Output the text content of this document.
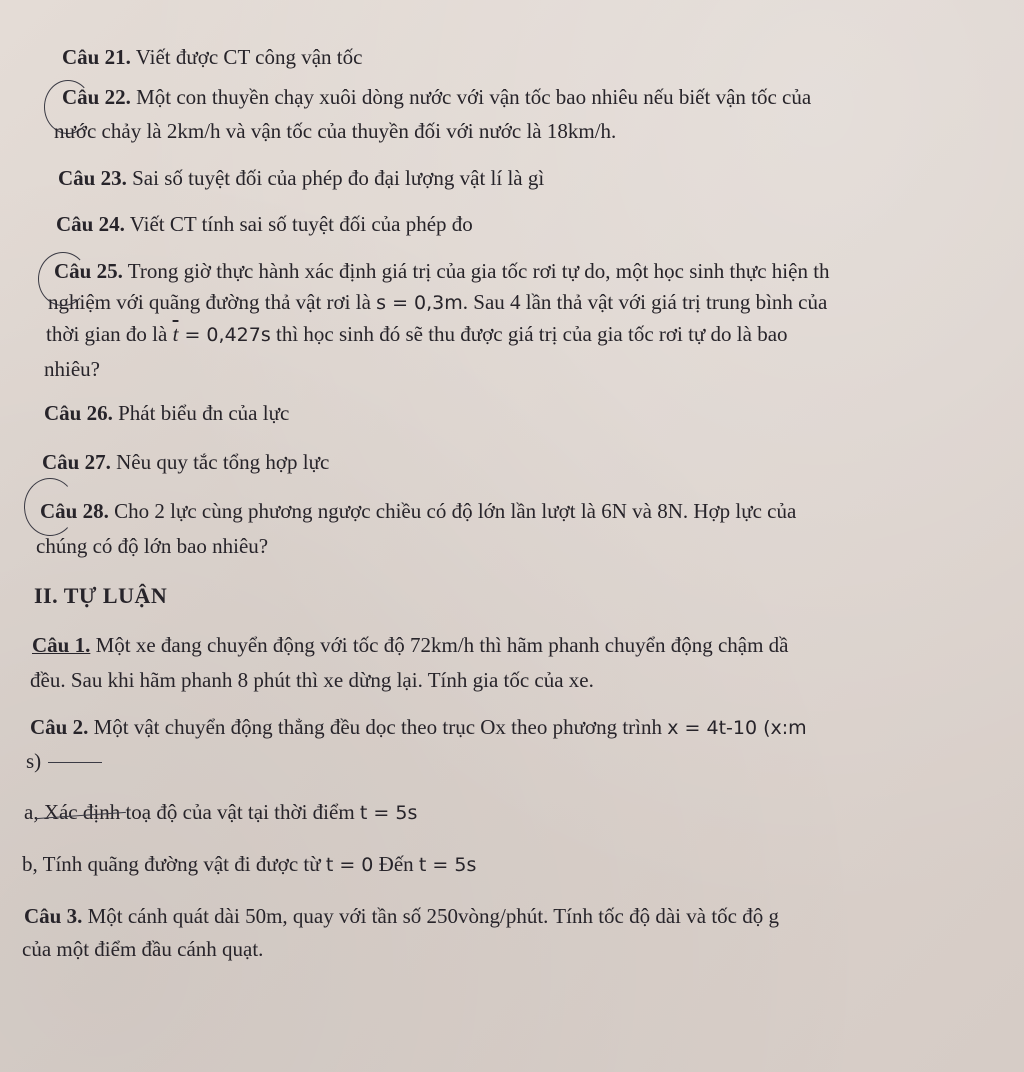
Câu 21. Viết được CT công vận tốc
Câu 22. Một con thuyền chạy xuôi dòng nước với vận tốc bao nhiêu nếu biết vận tốc của
nước chảy là 2km/h và vận tốc của thuyền đối với nước là 18km/h.
Câu 23. Sai số tuyệt đối của phép đo đại lượng vật lí là gì
Câu 24. Viết CT tính sai số tuyệt đối của phép đo
Câu 25. Trong giờ thực hành xác định giá trị của gia tốc rơi tự do, một học sinh thực hiện th
nghiệm với quãng đường thả vật rơi là s = 0,3m. Sau 4 lần thả vật với giá trị trung bình của
thời gian đo là $\overline{t} = 0,427s$ thì học sinh đó sẽ thu được giá trị của gia tốc rơi tự do là bao
nhiêu?
Câu 26. Phát biểu đn của lực
Câu 27. Nêu quy tắc tổng hợp lực
Câu 28. Cho 2 lực cùng phương ngược chiều có độ lớn lần lượt là 6N và 8N. Hợp lực của
chúng có độ lớn bao nhiêu?
II. TỰ LUẬN
Câu 1. Một xe đang chuyển động với tốc độ 72km/h thì hãm phanh chuyển động chậm dầ
đều. Sau khi hãm phanh 8 phút thì xe dừng lại. Tính gia tốc của xe.
Câu 2. Một vật chuyển động thẳng đều dọc theo trục Ox theo phương trình x = 4t-10 (x:m
s)
a, Xác định toạ độ của vật tại thời điểm t = 5s
b, Tính quãng đường vật đi được từ t = 0 Đến t = 5s
Câu 3. Một cánh quát dài 50m, quay với tần số 250vòng/phút. Tính tốc độ dài và tốc độ g
của một điểm đầu cánh quạt.
